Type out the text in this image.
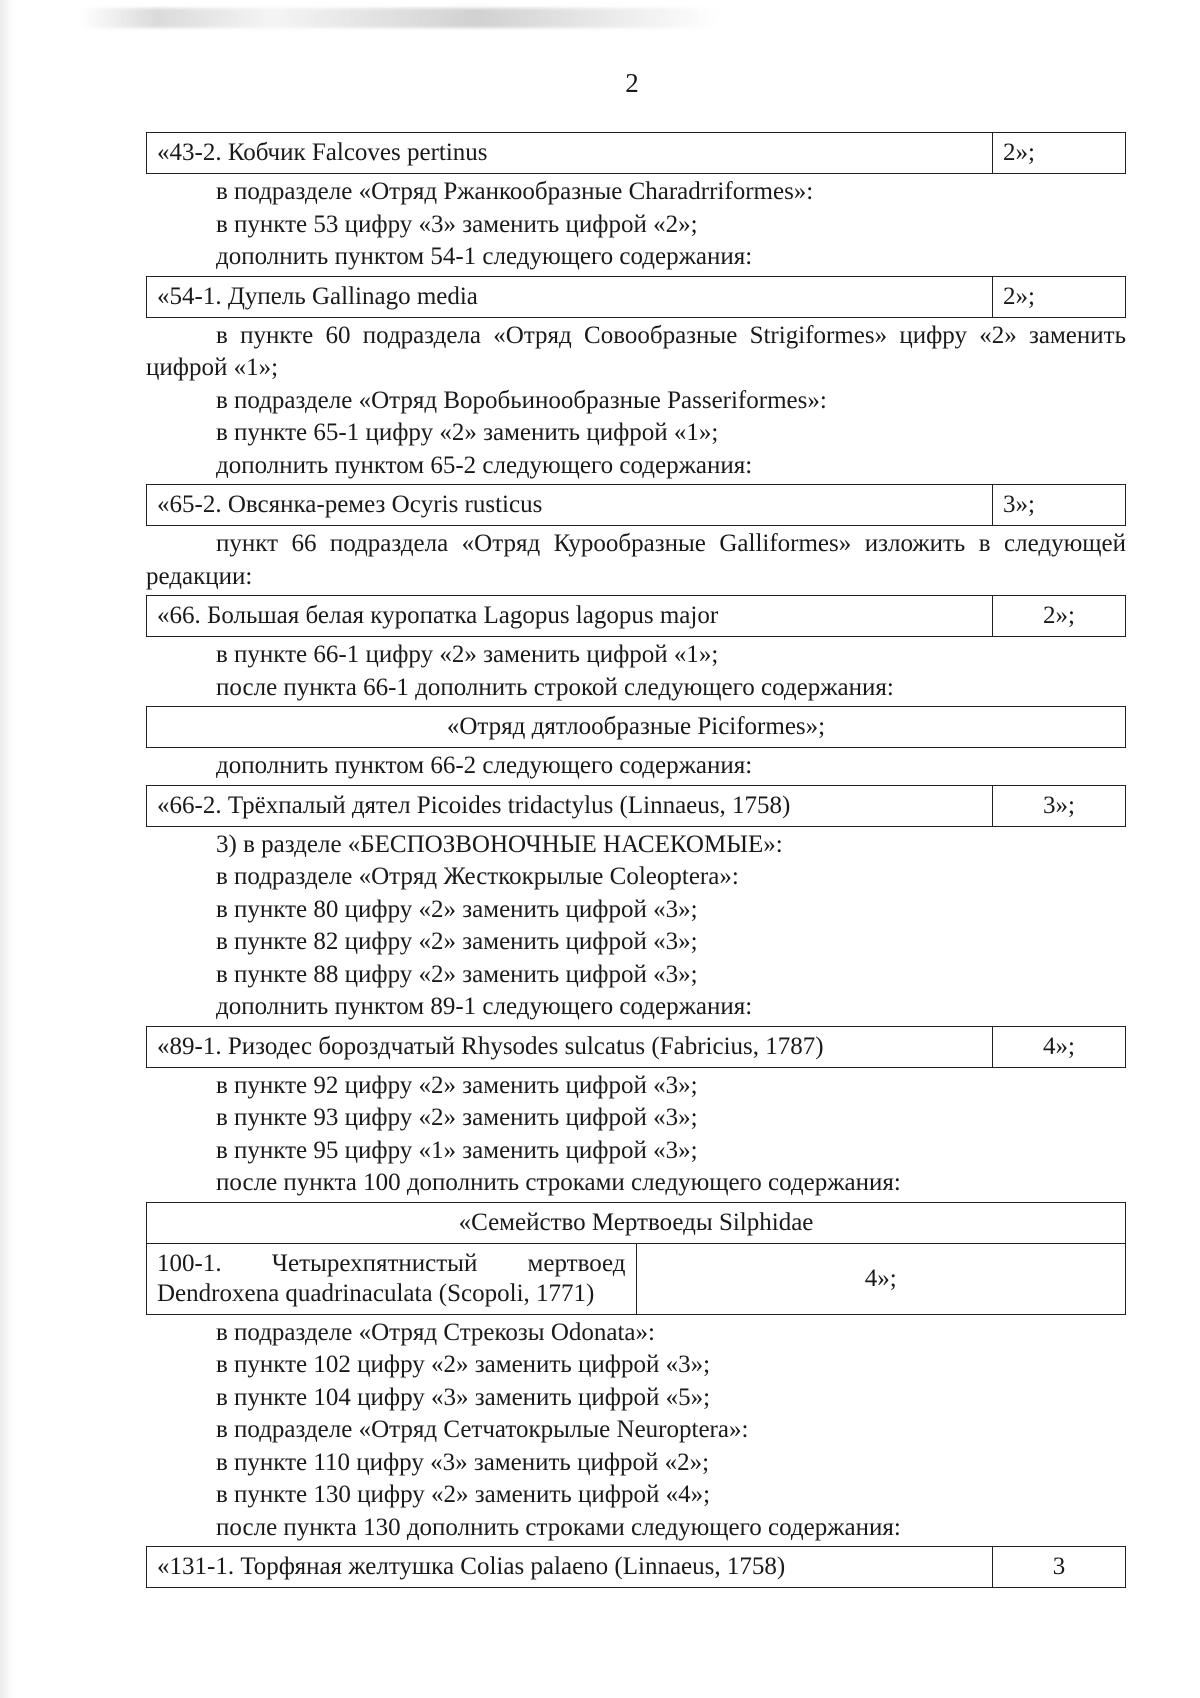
2
«43-2. Кобчик Falcoves pertinus	2»;
в подразделе «Отряд Ржанкообразные Charadrriformes»:
в пункте 53 цифру «3» заменить цифрой «2»;
дополнить пунктом 54-1 следующего содержания:
«54-1. Дупель Gallinago media	2»;
в пункте 60 подраздела «Отряд Совообразные Strigiformes» цифру «2» заменить цифрой «1»;
в подразделе «Отряд Воробьинообразные Passeriformes»:
в пункте 65-1 цифру «2» заменить цифрой «1»;
дополнить пунктом 65-2 следующего содержания:
«65-2. Овсянка-ремез Ocyris rusticus	3»;
пункт 66 подраздела «Отряд Курообразные Galliformes» изложить в следующей редакции:
«66. Большая белая куропатка Lagopus lagopus major	2»;
в пункте 66-1 цифру «2» заменить цифрой «1»;
после пункта 66-1 дополнить строкой следующего содержания:
«Отряд дятлообразные Piciformes»;
дополнить пунктом 66-2 следующего содержания:
«66-2. Трёхпалый дятел Picoides tridactylus (Linnaeus, 1758)	3»;
3) в разделе «БЕСПОЗВОНОЧНЫЕ НАСЕКОМЫЕ»:
в подразделе «Отряд Жесткокрылые Coleoptera»:
в пункте 80 цифру «2» заменить цифрой «3»;
в пункте 82 цифру «2» заменить цифрой «3»;
в пункте 88 цифру «2» заменить цифрой «3»;
дополнить пунктом 89-1 следующего содержания:
«89-1. Ризодес бороздчатый Rhysodes sulcatus (Fabricius, 1787)	4»;
в пункте 92 цифру «2» заменить цифрой «3»;
в пункте 93 цифру «2» заменить цифрой «3»;
в пункте 95 цифру «1» заменить цифрой «3»;
после пункта 100 дополнить строками следующего содержания:
«Семейство Мертвоеды Silphidae
100-1. Четырехпятнистый мертвоед Dendroxena quadrinaculata (Scopoli, 1771)	4»;
в подразделе «Отряд Стрекозы Odonata»:
в пункте 102 цифру «2» заменить цифрой «3»;
в пункте 104 цифру «3» заменить цифрой «5»;
в подразделе «Отряд Сетчатокрылые Neuroptera»:
в пункте 110 цифру «3» заменить цифрой «2»;
в пункте 130 цифру «2» заменить цифрой «4»;
после пункта 130 дополнить строками следующего содержания:
«131-1. Торфяная желтушка Colias palaeno (Linnaeus, 1758)	3
